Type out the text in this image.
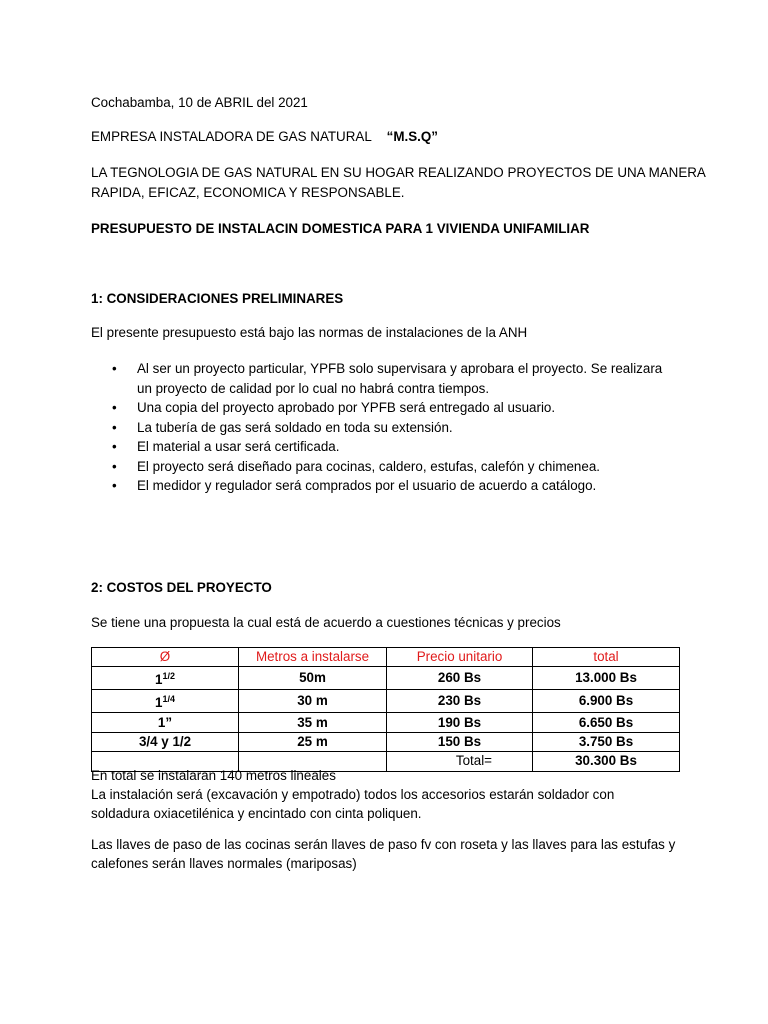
Cochabamba, 10 de ABRIL del 2021

EMPRESA INSTALADORA DE GAS NATURAL “M.S.Q”

LA TEGNOLOGIA DE GAS NATURAL EN SU HOGAR REALIZANDO PROYECTOS DE UNA MANERA

RAPIDA, EFICAZ, ECONOMICA Y RESPONSABLE.

PRESUPUESTO DE INSTALACIN DOMESTICA PARA 1 VIVIENDA UNIFAMILIAR

1: CONSIDERACIONES PRELIMINARES

El presente presupuesto está bajo las normas de instalaciones de la ANH

• Al ser un proyecto particular, YPFB solo supervisara y aprobara el proyecto. Se realizara
un proyecto de calidad por lo cual no habrá contra tiempos.
• Una copia del proyecto aprobado por YPFB será entregado al usuario.
• La tubería de gas será soldado en toda su extensión.
• El material a usar será certificada.
• El proyecto será diseñado para cocinas, caldero, estufas, calefón y chimenea.
• El medidor y regulador será comprados por el usuario de acuerdo a catálogo.

2: COSTOS DEL PROYECTO

Se tiene una propuesta la cual está de acuerdo a cuestiones técnicas y precios

Ø	Metros a instalarse	Precio unitario	total
$1^{1/2}$	50m	260 Bs	13.000 Bs
$1^{1/4}$	30 m	230 Bs	6.900 Bs
1”	35 m	190 Bs	6.650 Bs
3/4 y 1/2	25 m	150 Bs	3.750 Bs
		Total=	30.300 Bs

En total se instalaran 140 metros lineales

La instalación será (excavación y empotrado) todos los accesorios estarán soldador con

soldadura oxiacetilénica y encintado con cinta poliquen.

Las llaves de paso de las cocinas serán llaves de paso fv con roseta y las llaves para las estufas y

calefones serán llaves normales (mariposas)
